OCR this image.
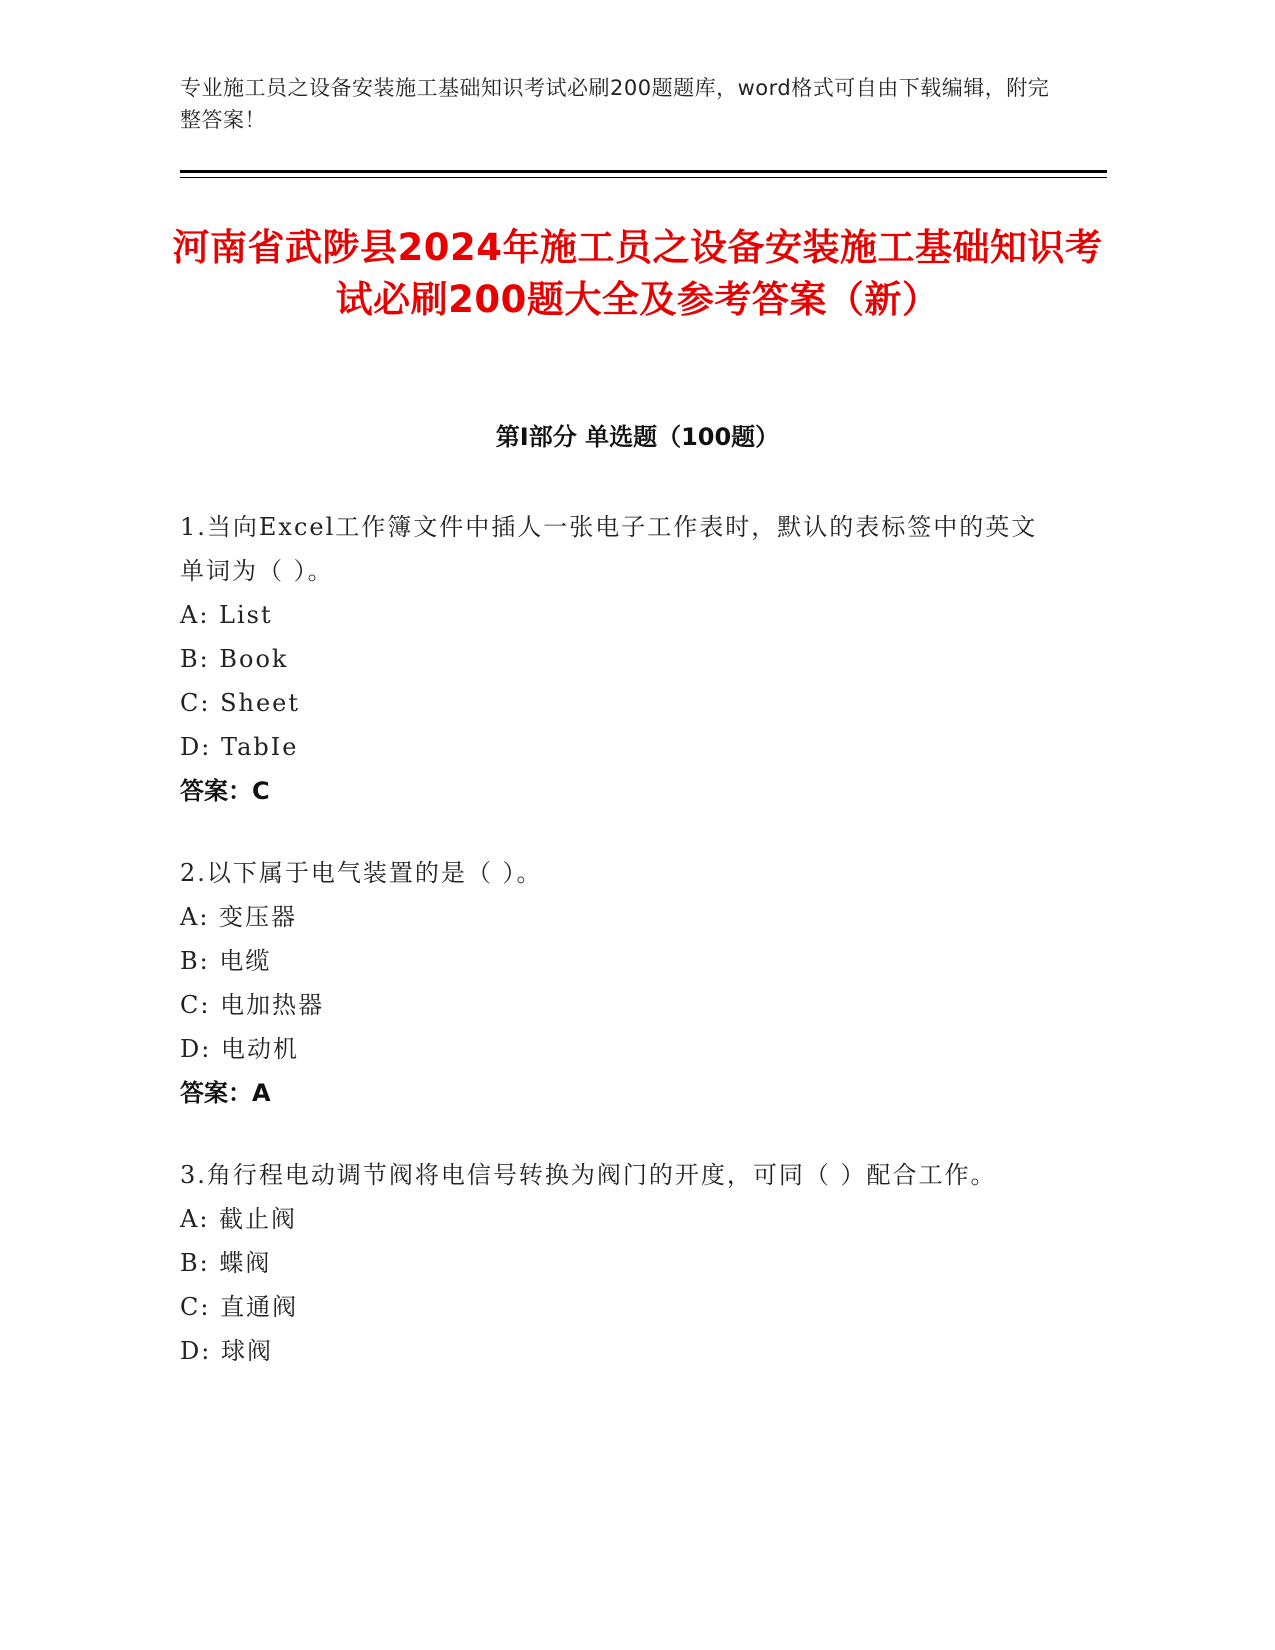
专业施工员之设备安装施工基础知识考试必刷200题题库，word格式可自由下载编辑，附完整答案！
河南省武陟县2024年施工员之设备安装施工基础知识考试必刷200题大全及参考答案（新）
第I部分 单选题（100题）
1.当向Excel工作簿文件中插人一张电子工作表时，默认的表标签中的英文单词为（ ）。
A: List
B: Book
C: Sheet
D: TabIe
答案：C
2.以下属于电气装置的是（ ）。
A: 变压器
B: 电缆
C: 电加热器
D: 电动机
答案：A
3.角行程电动调节阀将电信号转换为阀门的开度，可同（ ）配合工作。
A: 截止阀
B: 蝶阀
C: 直通阀
D: 球阀
